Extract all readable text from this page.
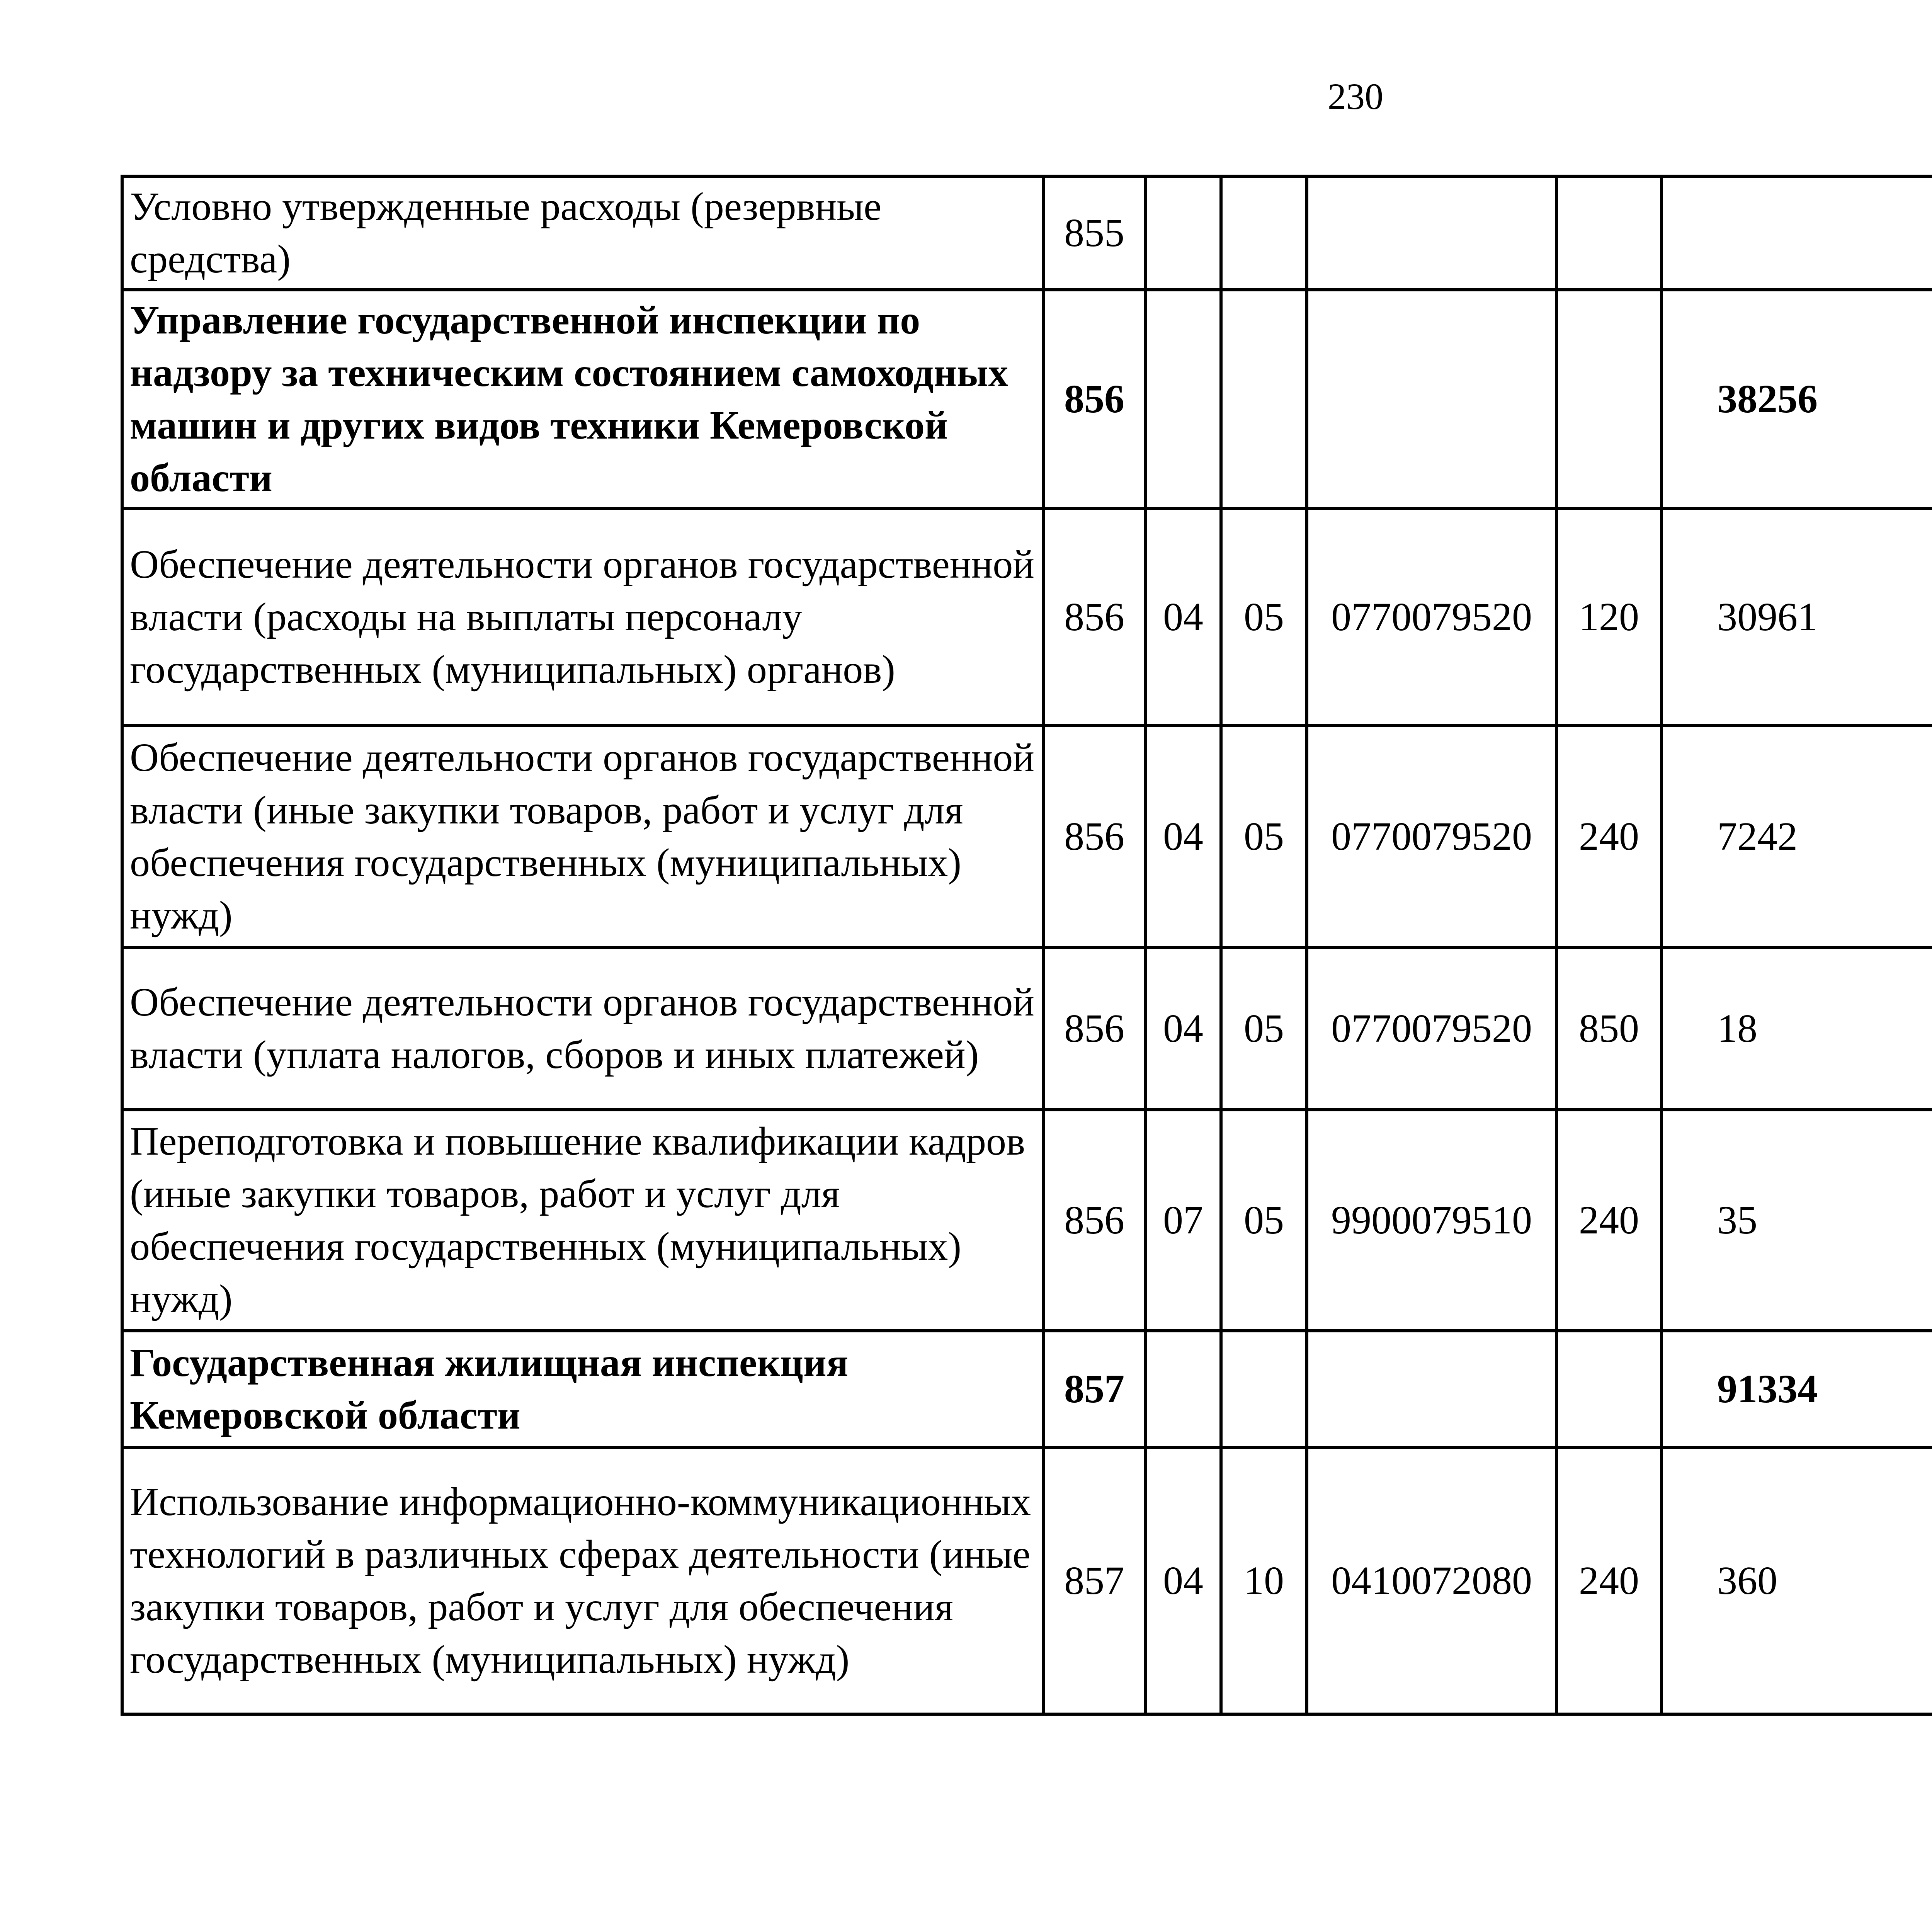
230
Условно утвержденные расходы (резервные средства)	855							
Управление государственной инспекции по надзору за техническим состоянием самоходных машин и других видов техники Кемеровской области	856					38256		
Обеспечение деятельности органов государственной власти (расходы на выплаты персоналу государственных (муниципальных) органов)	856	04	05	0770079520	120	30961		
Обеспечение деятельности органов государственной власти (иные закупки товаров, работ и услуг для обеспечения государственных (муниципальных) нужд)	856	04	05	0770079520	240	7242		
Обеспечение деятельности органов государственной власти (уплата налогов, сборов и иных платежей)	856	04	05	0770079520	850	18		
Переподготовка и повышение квалификации кадров (иные закупки товаров, работ и услуг для обеспечения государственных (муниципальных) нужд)	856	07	05	9900079510	240	35		
Государственная жилищная инспекция Кемеровской области	857					91334		
Использование информационно-коммуникационных технологий в различных сферах деятельности (иные закупки товаров, работ и услуг для обеспечения государственных (муниципальных) нужд)	857	04	10	0410072080	240	360		
